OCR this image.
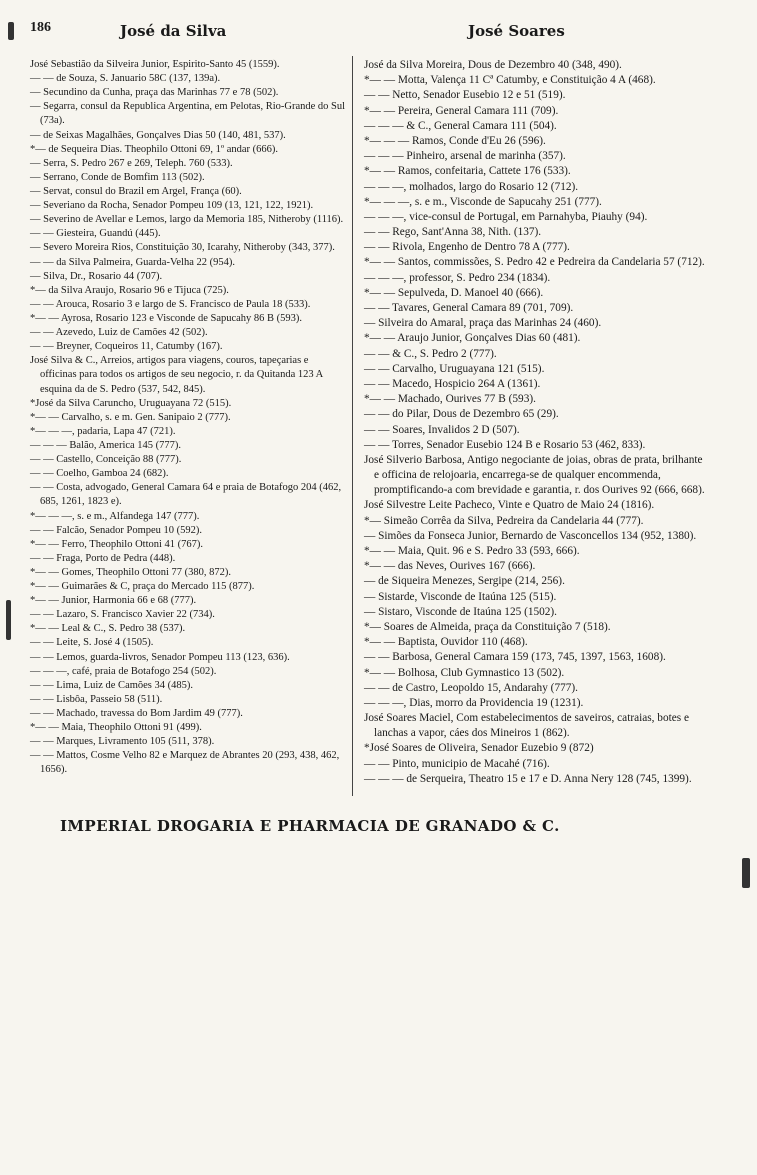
186	José da Silva	José Soares

José Sebastião da Silveira Junior, Espirito-Santo 45 (1559).

— — de Souza, S. Januario 58C (137, 139a).

— Secundino da Cunha, praça das Marinhas 77 e 78 (502).

— Segarra, consul da Republica Argentina, em Pelotas, Rio-Grande do Sul (73a).

— de Seixas Magalhães, Gonçalves Dias 50 (140, 481, 537).

*— de Sequeira Dias. Theophilo Ottoni 69, 1º andar (666).

— Serra, S. Pedro 267 e 269, Teleph. 760 (533).

— Serrano, Conde de Bomfim 113 (502).

— Servat, consul do Brazil em Argel, França (60).

— Severiano da Rocha, Senador Pompeu 109 (13, 121, 122, 1921).

— Severino de Avellar e Lemos, largo da Memoria 185, Nitheroby (1116).

— — Giesteira, Guandú (445).

— Severo Moreira Rios, Constituição 30, Icarahy, Nitheroby (343, 377).

— — da Silva Palmeira, Guarda-Velha 22 (954).

— Silva, Dr., Rosario 44 (707).

*— da Silva Araujo, Rosario 96 e Tijuca (725).

— — Arouca, Rosario 3 e largo de S. Francisco de Paula 18 (533).

*— — Ayrosa, Rosario 123 e Visconde de Sapucahy 86 B (593).

— — Azevedo, Luiz de Camões 42 (502).

— — Breyner, Coqueiros 11, Catumby (167).

José Silva & C., Arreios, artigos para viagens, couros, tapeçarias e officinas para todos os artigos de seu negocio, r. da Quitanda 123 A esquina da de S. Pedro (537, 542, 845).

*José da Silva Caruncho, Uruguayana 72 (515).

*— — Carvalho, s. e m. Gen. Sanipaio 2 (777).

*— — —, padaria, Lapa 47 (721).

— — — Balão, America 145 (777).

— — Castello, Conceição 88 (777).

— — Coelho, Gamboa 24 (682).

— — Costa, advogado, General Camara 64 e praia de Botafogo 204 (462, 685, 1261, 1823 e).

*— — —, s. e m., Alfandega 147 (777).

— — Falcão, Senador Pompeu 10 (592).

*— — Ferro, Theophilo Ottoni 41 (767).

— — Fraga, Porto de Pedra (448).

*— — Gomes, Theophilo Ottoni 77 (380, 872).

*— — Guimarães & C, praça do Mercado 115 (877).

*— — Junior, Harmonia 66 e 68 (777).

— — Lazaro, S. Francisco Xavier 22 (734).

*— — Leal & C., S. Pedro 38 (537).

— — Leite, S. José 4 (1505).

— — Lemos, guarda-livros, Senador Pompeu 113 (123, 636).

— — —, café, praia de Botafogo 254 (502).

— — Lima, Luiz de Camões 34 (485).

— — Lisbôa, Passeio 58 (511).

— — Machado, travessa do Bom Jardim 49 (777).

*— — Maia, Theophilo Ottoni 91 (499).

— — Marques, Livramento 105 (511, 378).

— — Mattos, Cosme Velho 82 e Marquez de Abrantes 20 (293, 438, 462, 1656).

José da Silva Moreira, Dous de Dezembro 40 (348, 490).

*— — Motta, Valença 11 Cª Catumby, e Constituição 4 A (468).

— — Netto, Senador Eusebio 12 e 51 (519).

*— — Pereira, General Camara 111 (709).

— — — & C., General Camara 111 (504).

*— — — Ramos, Conde d'Eu 26 (596).

— — — Pinheiro, arsenal de marinha (357).

*— — Ramos, confeitaria, Cattete 176 (533).

— — —, molhados, largo do Rosario 12 (712).

*— — —, s. e m., Visconde de Sapucahy 251 (777).

— — —, vice-consul de Portugal, em Parnahyba, Piauhy (94).

— — Rego, Sant'Anna 38, Nith. (137).

— — Rivola, Engenho de Dentro 78 A (777).

*— — Santos, commissões, S. Pedro 42 e Pedreira da Candelaria 57 (712).

— — —, professor, S. Pedro 234 (1834).

*— — Sepulveda, D. Manoel 40 (666).

— — Tavares, General Camara 89 (701, 709).

— Silveira do Amaral, praça das Marinhas 24 (460).

*— — Araujo Junior, Gonçalves Dias 60 (481).

— — & C., S. Pedro 2 (777).

— — Carvalho, Uruguayana 121 (515).

— — Macedo, Hospicio 264 A (1361).

*— — Machado, Ourives 77 B (593).

— — do Pilar, Dous de Dezembro 65 (29).

— — Soares, Invalidos 2 D (507).

— — Torres, Senador Eusebio 124 B e Rosario 53 (462, 833).

José Silverio Barbosa, Antigo negociante de joias, obras de prata, brilhante e officina de relojoaria, encarrega-se de qualquer encommenda, promptificando-a com brevidade e garantia, r. dos Ourives 92 (666, 668).

José Silvestre Leite Pacheco, Vinte e Quatro de Maio 24 (1816).

*— Simeão Corrêa da Silva, Pedreira da Candelaria 44 (777).

— Simões da Fonseca Junior, Bernardo de Vasconcellos 134 (952, 1380).

*— — Maia, Quit. 96 e S. Pedro 33 (593, 666).

*— — das Neves, Ourives 167 (666).

— de Siqueira Menezes, Sergipe (214, 256).

— Sistarde, Visconde de Itaúna 125 (515).

— Sistaro, Visconde de Itaúna 125 (1502).

*— Soares de Almeida, praça da Constituição 7 (518).

*— — Baptista, Ouvidor 110 (468).

— — Barbosa, General Camara 159 (173, 745, 1397, 1563, 1608).

*— — Bolhosa, Club Gymnastico 13 (502).

— — de Castro, Leopoldo 15, Andarahy (777).

— — —, Dias, morro da Providencia 19 (1231).

José Soares Maciel, Com estabelecimentos de saveiros, catraias, botes e lanchas a vapor, cáes dos Mineiros 1 (862).

*José Soares de Oliveira, Senador Euzebio 9 (872)

— — Pinto, municipio de Macahé (716).

— — — de Serqueira, Theatro 15 e 17 e D. Anna Nery 128 (745, 1399).

IMPERIAL DROGARIA E PHARMACIA DE GRANADO & C.
